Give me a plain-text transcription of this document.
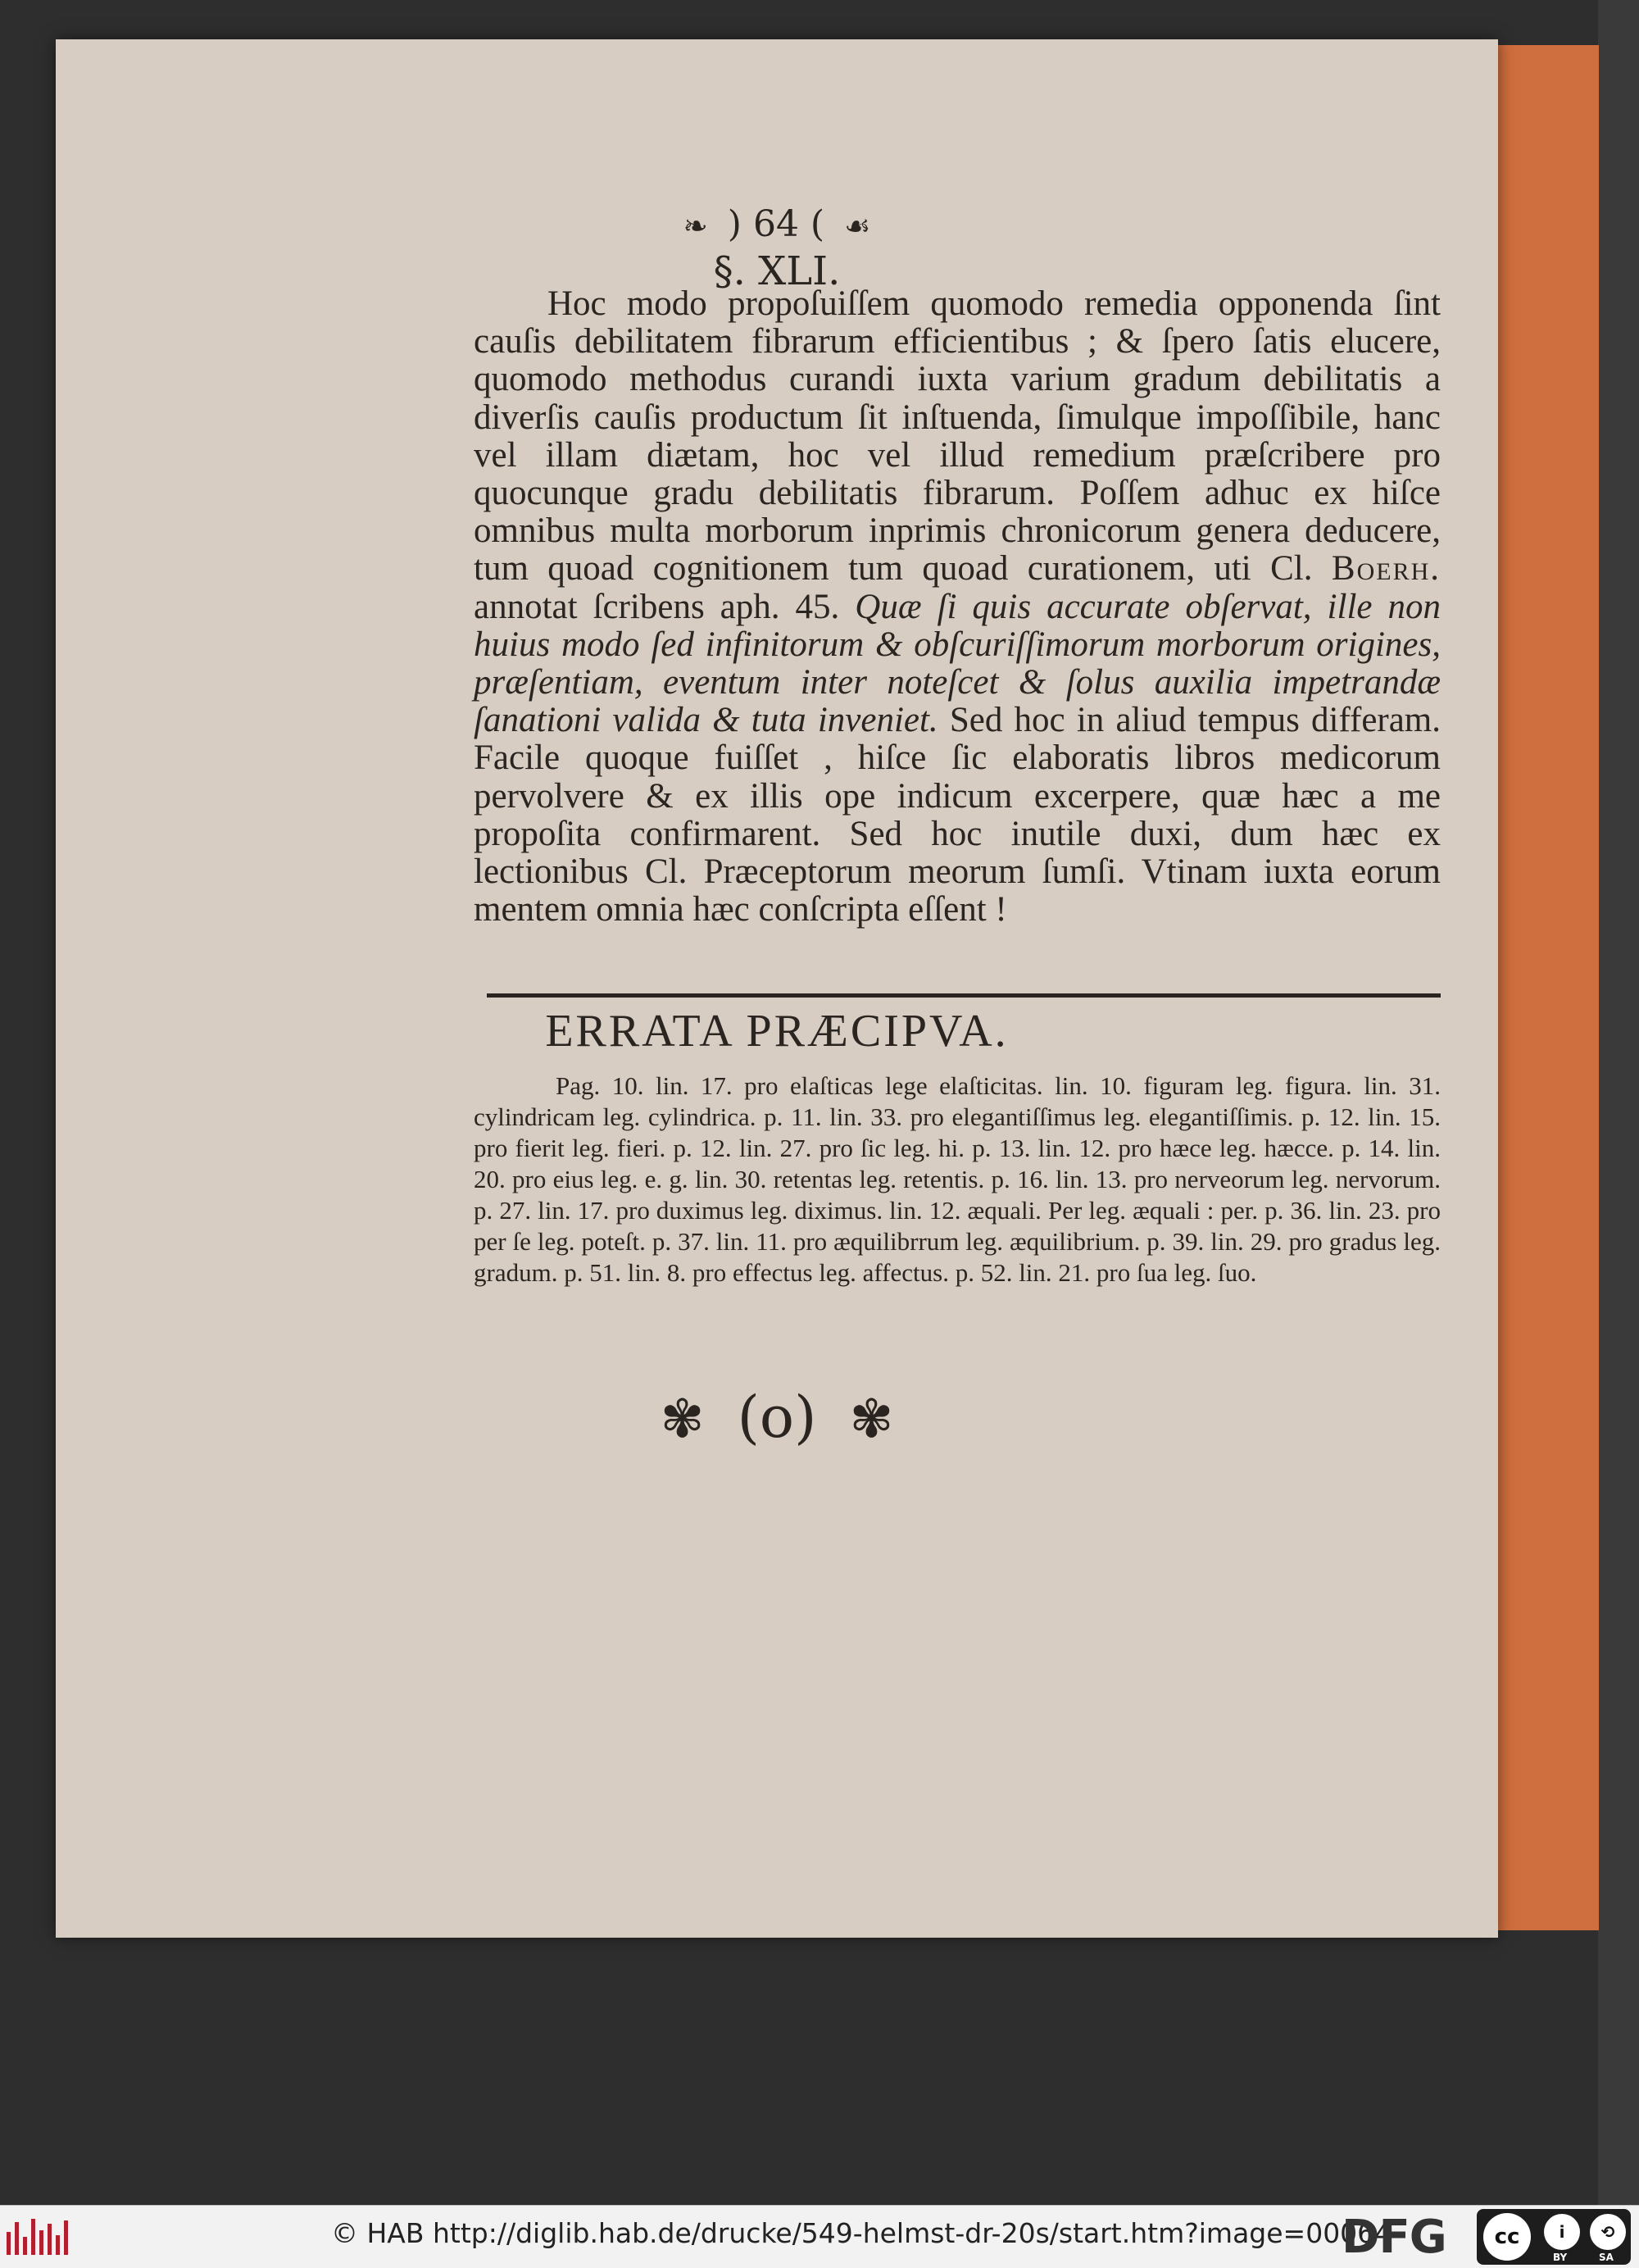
❧ ) 64 ( ☙
§. XLI.
Hoc modo propoſuiſſem quomodo remedia opponenda ſint cauſis debilitatem fibrarum efficientibus ; & ſpero ſatis elucere, quomodo methodus curandi iuxta varium gradum debilitatis a diverſis cauſis productum ſit inſtuenda, ſimulque impoſſibile, hanc vel illam diætam, hoc vel illud remedium præſcribere pro quocunque gradu debilitatis fibrarum. Poſſem adhuc ex hiſce omnibus multa morborum inprimis chronicorum genera deducere, tum quoad cognitionem tum quoad curationem, uti Cl. Boerh. annotat ſcribens aph. 45. Quæ ſi quis accurate obſervat, ille non huius modo ſed infinitorum & obſcuriſſimorum morborum origines, præſentiam, eventum inter noteſcet & ſolus auxilia impetrandæ ſanationi valida & tuta inveniet. Sed hoc in aliud tempus differam. Facile quoque fuiſſet , hiſce ſic elaboratis libros medicorum pervolvere & ex illis ope indicum excerpere, quæ hæc a me propoſita confirmarent. Sed hoc inutile duxi, dum hæc ex lectionibus Cl. Præceptorum meorum ſumſi. Vtinam iuxta eorum mentem omnia hæc conſcripta eſſent !
ERRATA PRÆCIPVA.
Pag. 10. lin. 17. pro elaſticas lege elaſticitas. lin. 10. figuram leg. figura. lin. 31. cylindricam leg. cylindrica. p. 11. lin. 33. pro elegantiſſimus leg. elegantiſſimis. p. 12. lin. 15. pro fierit leg. fieri. p. 12. lin. 27. pro ſic leg. hi. p. 13. lin. 12. pro hæce leg. hæcce. p. 14. lin. 20. pro eius leg. e. g. lin. 30. retentas leg. retentis. p. 16. lin. 13. pro nerveorum leg. nervorum. p. 27. lin. 17. pro duximus leg. diximus. lin. 12. æquali. Per leg. æquali : per. p. 36. lin. 23. pro per ſe leg. poteſt. p. 37. lin. 11. pro æquilibrrum leg. æquilibrium. p. 39. lin. 29. pro gradus leg. gradum. p. 51. lin. 8. pro effectus leg. affectus. p. 52. lin. 21. pro ſua leg. ſuo.
✾ (o) ✾
© HAB http://diglib.hab.de/drucke/549-helmst-dr-20s/start.htm?image=00064
DFG	cc	i	⟲
BY	SA
